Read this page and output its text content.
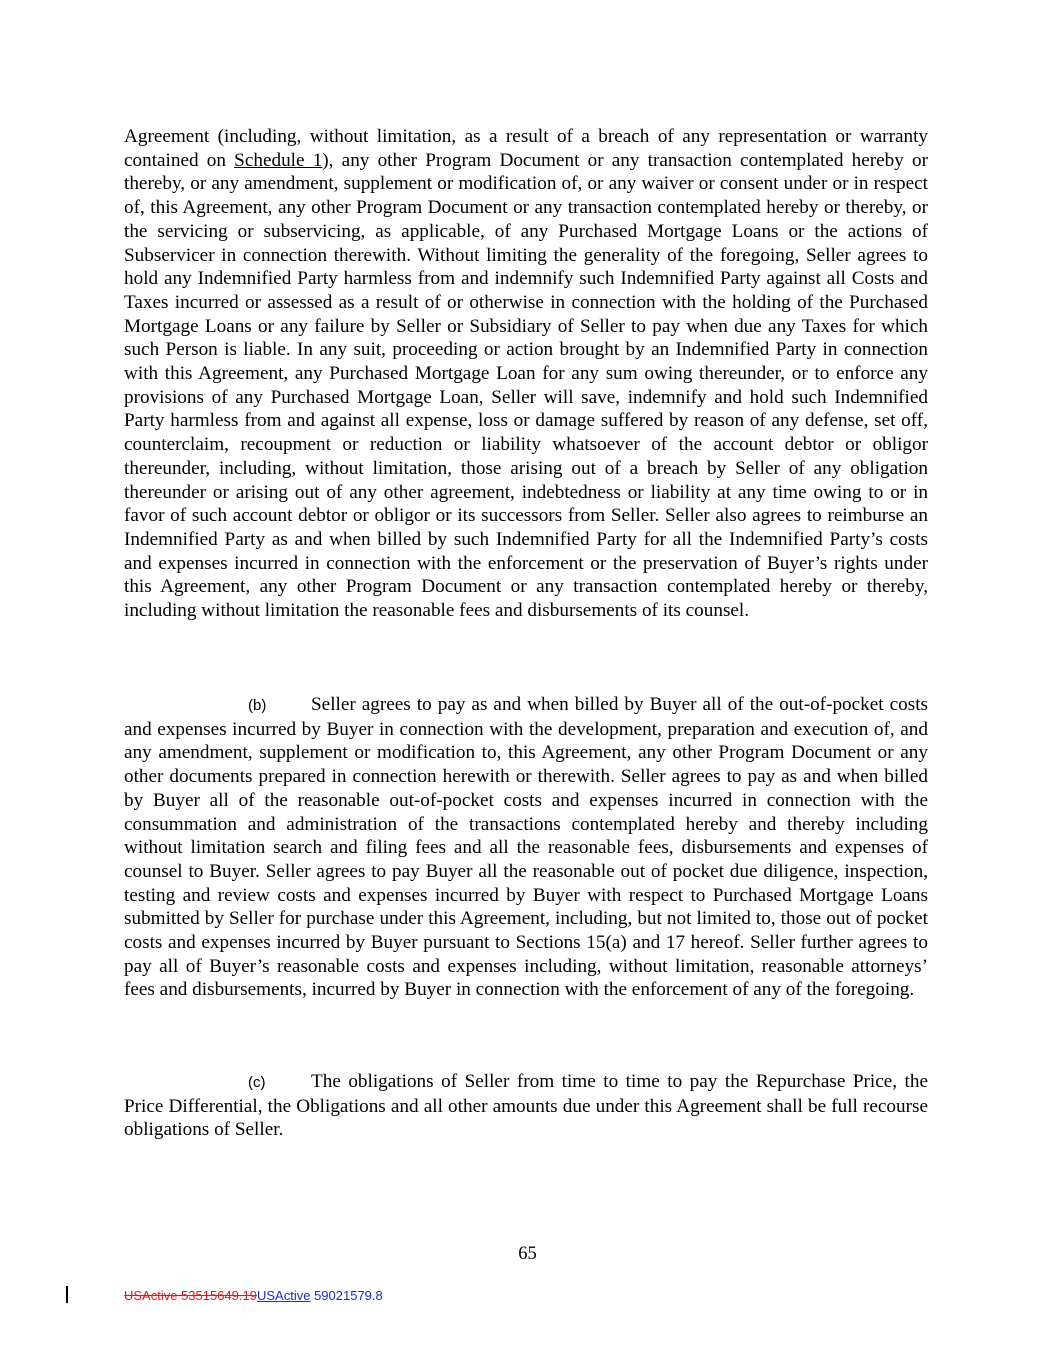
Agreement (including, without limitation, as a result of a breach of any representation or warranty contained on Schedule 1), any other Program Document or any transaction contemplated hereby or thereby, or any amendment, supplement or modification of, or any waiver or consent under or in respect of, this Agreement, any other Program Document or any transaction contemplated hereby or thereby, or the servicing or subservicing, as applicable, of any Purchased Mortgage Loans or the actions of Subservicer in connection therewith. Without limiting the generality of the foregoing, Seller agrees to hold any Indemnified Party harmless from and indemnify such Indemnified Party against all Costs and Taxes incurred or assessed as a result of or otherwise in connection with the holding of the Purchased Mortgage Loans or any failure by Seller or Subsidiary of Seller to pay when due any Taxes for which such Person is liable. In any suit, proceeding or action brought by an Indemnified Party in connection with this Agreement, any Purchased Mortgage Loan for any sum owing thereunder, or to enforce any provisions of any Purchased Mortgage Loan, Seller will save, indemnify and hold such Indemnified Party harmless from and against all expense, loss or damage suffered by reason of any defense, set off, counterclaim, recoupment or reduction or liability whatsoever of the account debtor or obligor thereunder, including, without limitation, those arising out of a breach by Seller of any obligation thereunder or arising out of any other agreement, indebtedness or liability at any time owing to or in favor of such account debtor or obligor or its successors from Seller. Seller also agrees to reimburse an Indemnified Party as and when billed by such Indemnified Party for all the Indemnified Party’s costs and expenses incurred in connection with the enforcement or the preservation of Buyer’s rights under this Agreement, any other Program Document or any transaction contemplated hereby or thereby, including without limitation the reasonable fees and disbursements of its counsel.
(b) Seller agrees to pay as and when billed by Buyer all of the out-of-pocket costs and expenses incurred by Buyer in connection with the development, preparation and execution of, and any amendment, supplement or modification to, this Agreement, any other Program Document or any other documents prepared in connection herewith or therewith. Seller agrees to pay as and when billed by Buyer all of the reasonable out-of-pocket costs and expenses incurred in connection with the consummation and administration of the transactions contemplated hereby and thereby including without limitation search and filing fees and all the reasonable fees, disbursements and expenses of counsel to Buyer. Seller agrees to pay Buyer all the reasonable out of pocket due diligence, inspection, testing and review costs and expenses incurred by Buyer with respect to Purchased Mortgage Loans submitted by Seller for purchase under this Agreement, including, but not limited to, those out of pocket costs and expenses incurred by Buyer pursuant to Sections 15(a) and 17 hereof. Seller further agrees to pay all of Buyer’s reasonable costs and expenses including, without limitation, reasonable attorneys’ fees and disbursements, incurred by Buyer in connection with the enforcement of any of the foregoing.
(c) The obligations of Seller from time to time to pay the Repurchase Price, the Price Differential, the Obligations and all other amounts due under this Agreement shall be full recourse obligations of Seller.
65
USActive 53515649.19USActive 59021579.8
